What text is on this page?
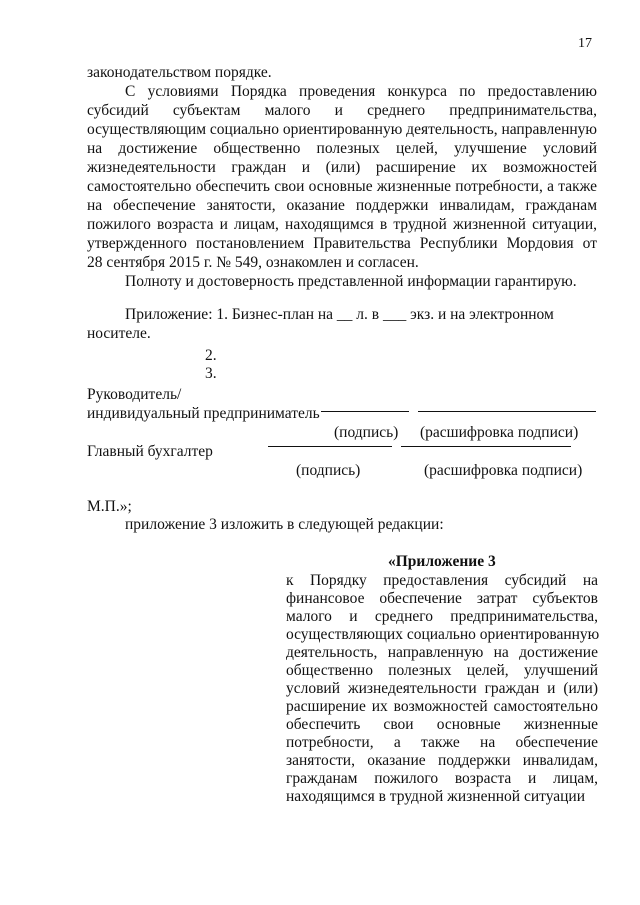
17
законодательством порядке.
С условиями Порядка проведения конкурса по предоставлению
субсидий субъектам малого и среднего предпринимательства,
осуществляющим социально ориентированную деятельность, направленную
на достижение общественно полезных целей, улучшение условий
жизнедеятельности граждан и (или) расширение их возможностей
самостоятельно обеспечить свои основные жизненные потребности, а также
на обеспечение занятости, оказание поддержки инвалидам, гражданам
пожилого возраста и лицам, находящимся в трудной жизненной ситуации,
утвержденного постановлением Правительства Республики Мордовия от
28 сентября 2015 г. № 549, ознакомлен и согласен.
Полноту и достоверность представленной информации гарантирую.
Приложение: 1. Бизнес-план на __ л. в ___ экз. и на электронном
носителе.
2.
3.
Руководитель/
индивидуальный предприниматель
(подпись) (расшифровка подписи)
Главный бухгалтер
(подпись)	(расшифровка подписи)
М.П.»;
приложение 3 изложить в следующей редакции:
«Приложение 3
к Порядку предоставления субсидий на
финансовое обеспечение затрат субъектов
малого и среднего предпринимательства,
осуществляющих социально ориентированную
деятельность, направленную на достижение
общественно полезных целей, улучшений
условий жизнедеятельности граждан и (или)
расширение их возможностей самостоятельно
обеспечить свои основные жизненные
потребности, а также на обеспечение
занятости, оказание поддержки инвалидам,
гражданам пожилого возраста и лицам,
находящимся в трудной жизненной ситуации
